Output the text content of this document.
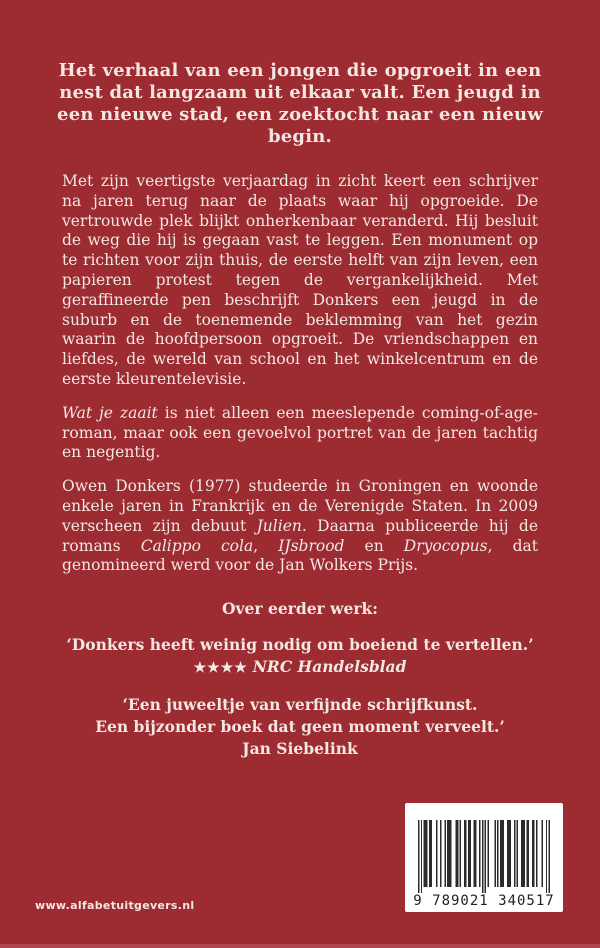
Het verhaal van een jongen die opgroeit in een nest dat langzaam uit elkaar valt. Een jeugd in een nieuwe stad, een zoektocht naar een nieuw begin.

Met zijn veertigste verjaardag in zicht keert een schrijver na jaren terug naar de plaats waar hij opgroeide. De vertrouwde plek blijkt onherkenbaar veranderd. Hij besluit de weg die hij is gegaan vast te leggen. Een monument op te richten voor zijn thuis, de eerste helft van zijn leven, een papieren protest tegen de vergankelijkheid. Met geraffineerde pen beschrijft Donkers een jeugd in de suburb en de toenemende beklemming van het gezin waarin de hoofdpersoon opgroeit. De vriendschappen en liefdes, de wereld van school en het winkelcentrum en de eerste kleurentelevisie.

Wat je zaait is niet alleen een meeslepende coming-of-age-roman, maar ook een gevoelvol portret van de jaren tachtig en negentig.

Owen Donkers (1977) studeerde in Groningen en woonde enkele jaren in Frankrijk en de Verenigde Staten. In 2009 verscheen zijn debuut Julien. Daarna publiceerde hij de romans Calippo cola, IJsbrood en Dryocopus, dat genomineerd werd voor de Jan Wolkers Prijs.

Over eerder werk:
‘Donkers heeft weinig nodig om boeiend te vertellen.’
★★★★ NRC Handelsblad
‘Een juweeltje van verfijnde schrijfkunst.
Een bijzonder boek dat geen moment verveelt.’
Jan Siebelink
www.alfabetuitgevers.nl	9 789021 340517
